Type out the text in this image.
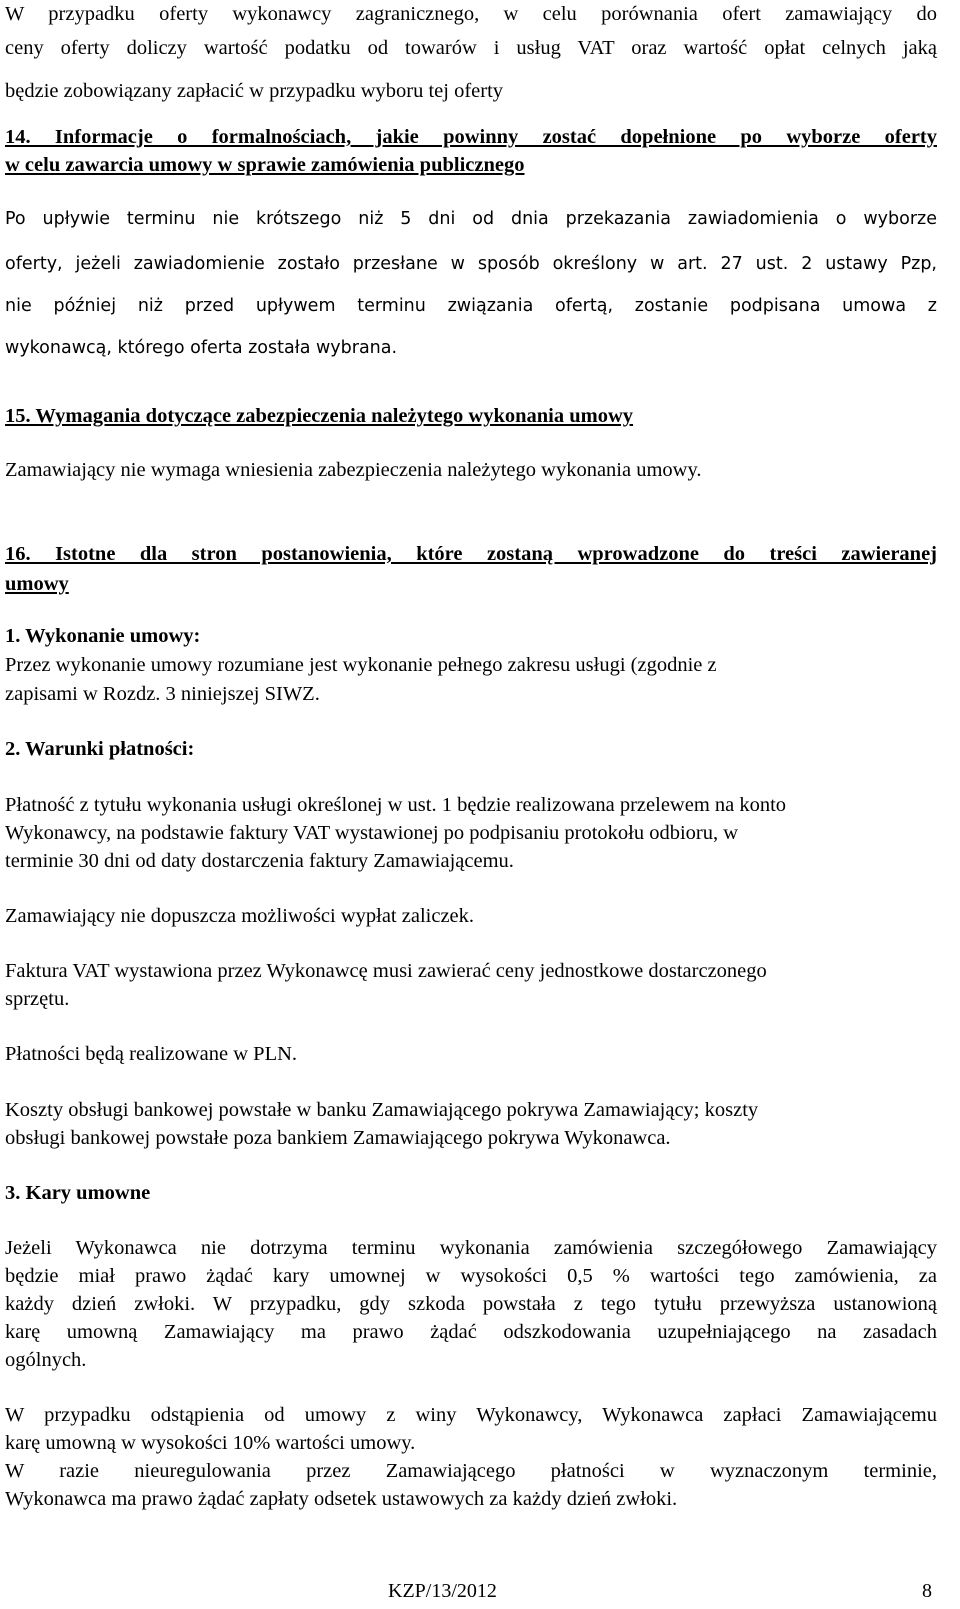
W przypadku oferty wykonawcy zagranicznego, w celu porównania ofert zamawiający do
ceny oferty doliczy wartość podatku od towarów i usług VAT oraz wartość opłat celnych jaką
będzie zobowiązany zapłacić w przypadku wyboru tej oferty
14. Informacje o formalnościach, jakie powinny zostać dopełnione po wyborze oferty
w celu zawarcia umowy w sprawie zamówienia publicznego
Po upływie terminu nie krótszego niż 5 dni od dnia przekazania zawiadomienia o wyborze
oferty, jeżeli zawiadomienie zostało przesłane w sposób określony w art. 27 ust. 2 ustawy Pzp,
nie później niż przed upływem terminu związania ofertą, zostanie podpisana umowa z
wykonawcą, którego oferta została wybrana.
15. Wymagania dotyczące zabezpieczenia należytego wykonania umowy
Zamawiający nie wymaga wniesienia zabezpieczenia należytego wykonania umowy.
16. Istotne dla stron postanowienia, które zostaną wprowadzone do treści zawieranej
umowy
1. Wykonanie umowy:
Przez wykonanie umowy rozumiane jest wykonanie pełnego zakresu usługi (zgodnie z
zapisami w Rozdz. 3 niniejszej SIWZ.
2. Warunki płatności:
Płatność z tytułu wykonania usługi określonej w ust. 1 będzie realizowana przelewem na konto
Wykonawcy, na podstawie faktury VAT wystawionej po podpisaniu protokołu odbioru, w
terminie 30 dni od daty dostarczenia faktury Zamawiającemu.
Zamawiający nie dopuszcza możliwości wypłat zaliczek.
Faktura VAT wystawiona przez Wykonawcę musi zawierać ceny jednostkowe dostarczonego
sprzętu.
Płatności będą realizowane w PLN.
Koszty obsługi bankowej powstałe w banku Zamawiającego pokrywa Zamawiający; koszty
obsługi bankowej powstałe poza bankiem Zamawiającego pokrywa Wykonawca.
3. Kary umowne
Jeżeli Wykonawca nie dotrzyma terminu wykonania zamówienia szczegółowego Zamawiający
będzie miał prawo żądać kary umownej w wysokości 0,5 % wartości tego zamówienia, za
każdy dzień zwłoki. W przypadku, gdy szkoda powstała z tego tytułu przewyższa ustanowioną
karę umowną Zamawiający ma prawo żądać odszkodowania uzupełniającego na zasadach
ogólnych.
W przypadku odstąpienia od umowy z winy Wykonawcy, Wykonawca zapłaci Zamawiającemu
karę umowną w wysokości 10% wartości umowy.
W razie nieuregulowania przez Zamawiającego płatności w wyznaczonym terminie,
Wykonawca ma prawo żądać zapłaty odsetek ustawowych za każdy dzień zwłoki.
KZP/13/2012	8
